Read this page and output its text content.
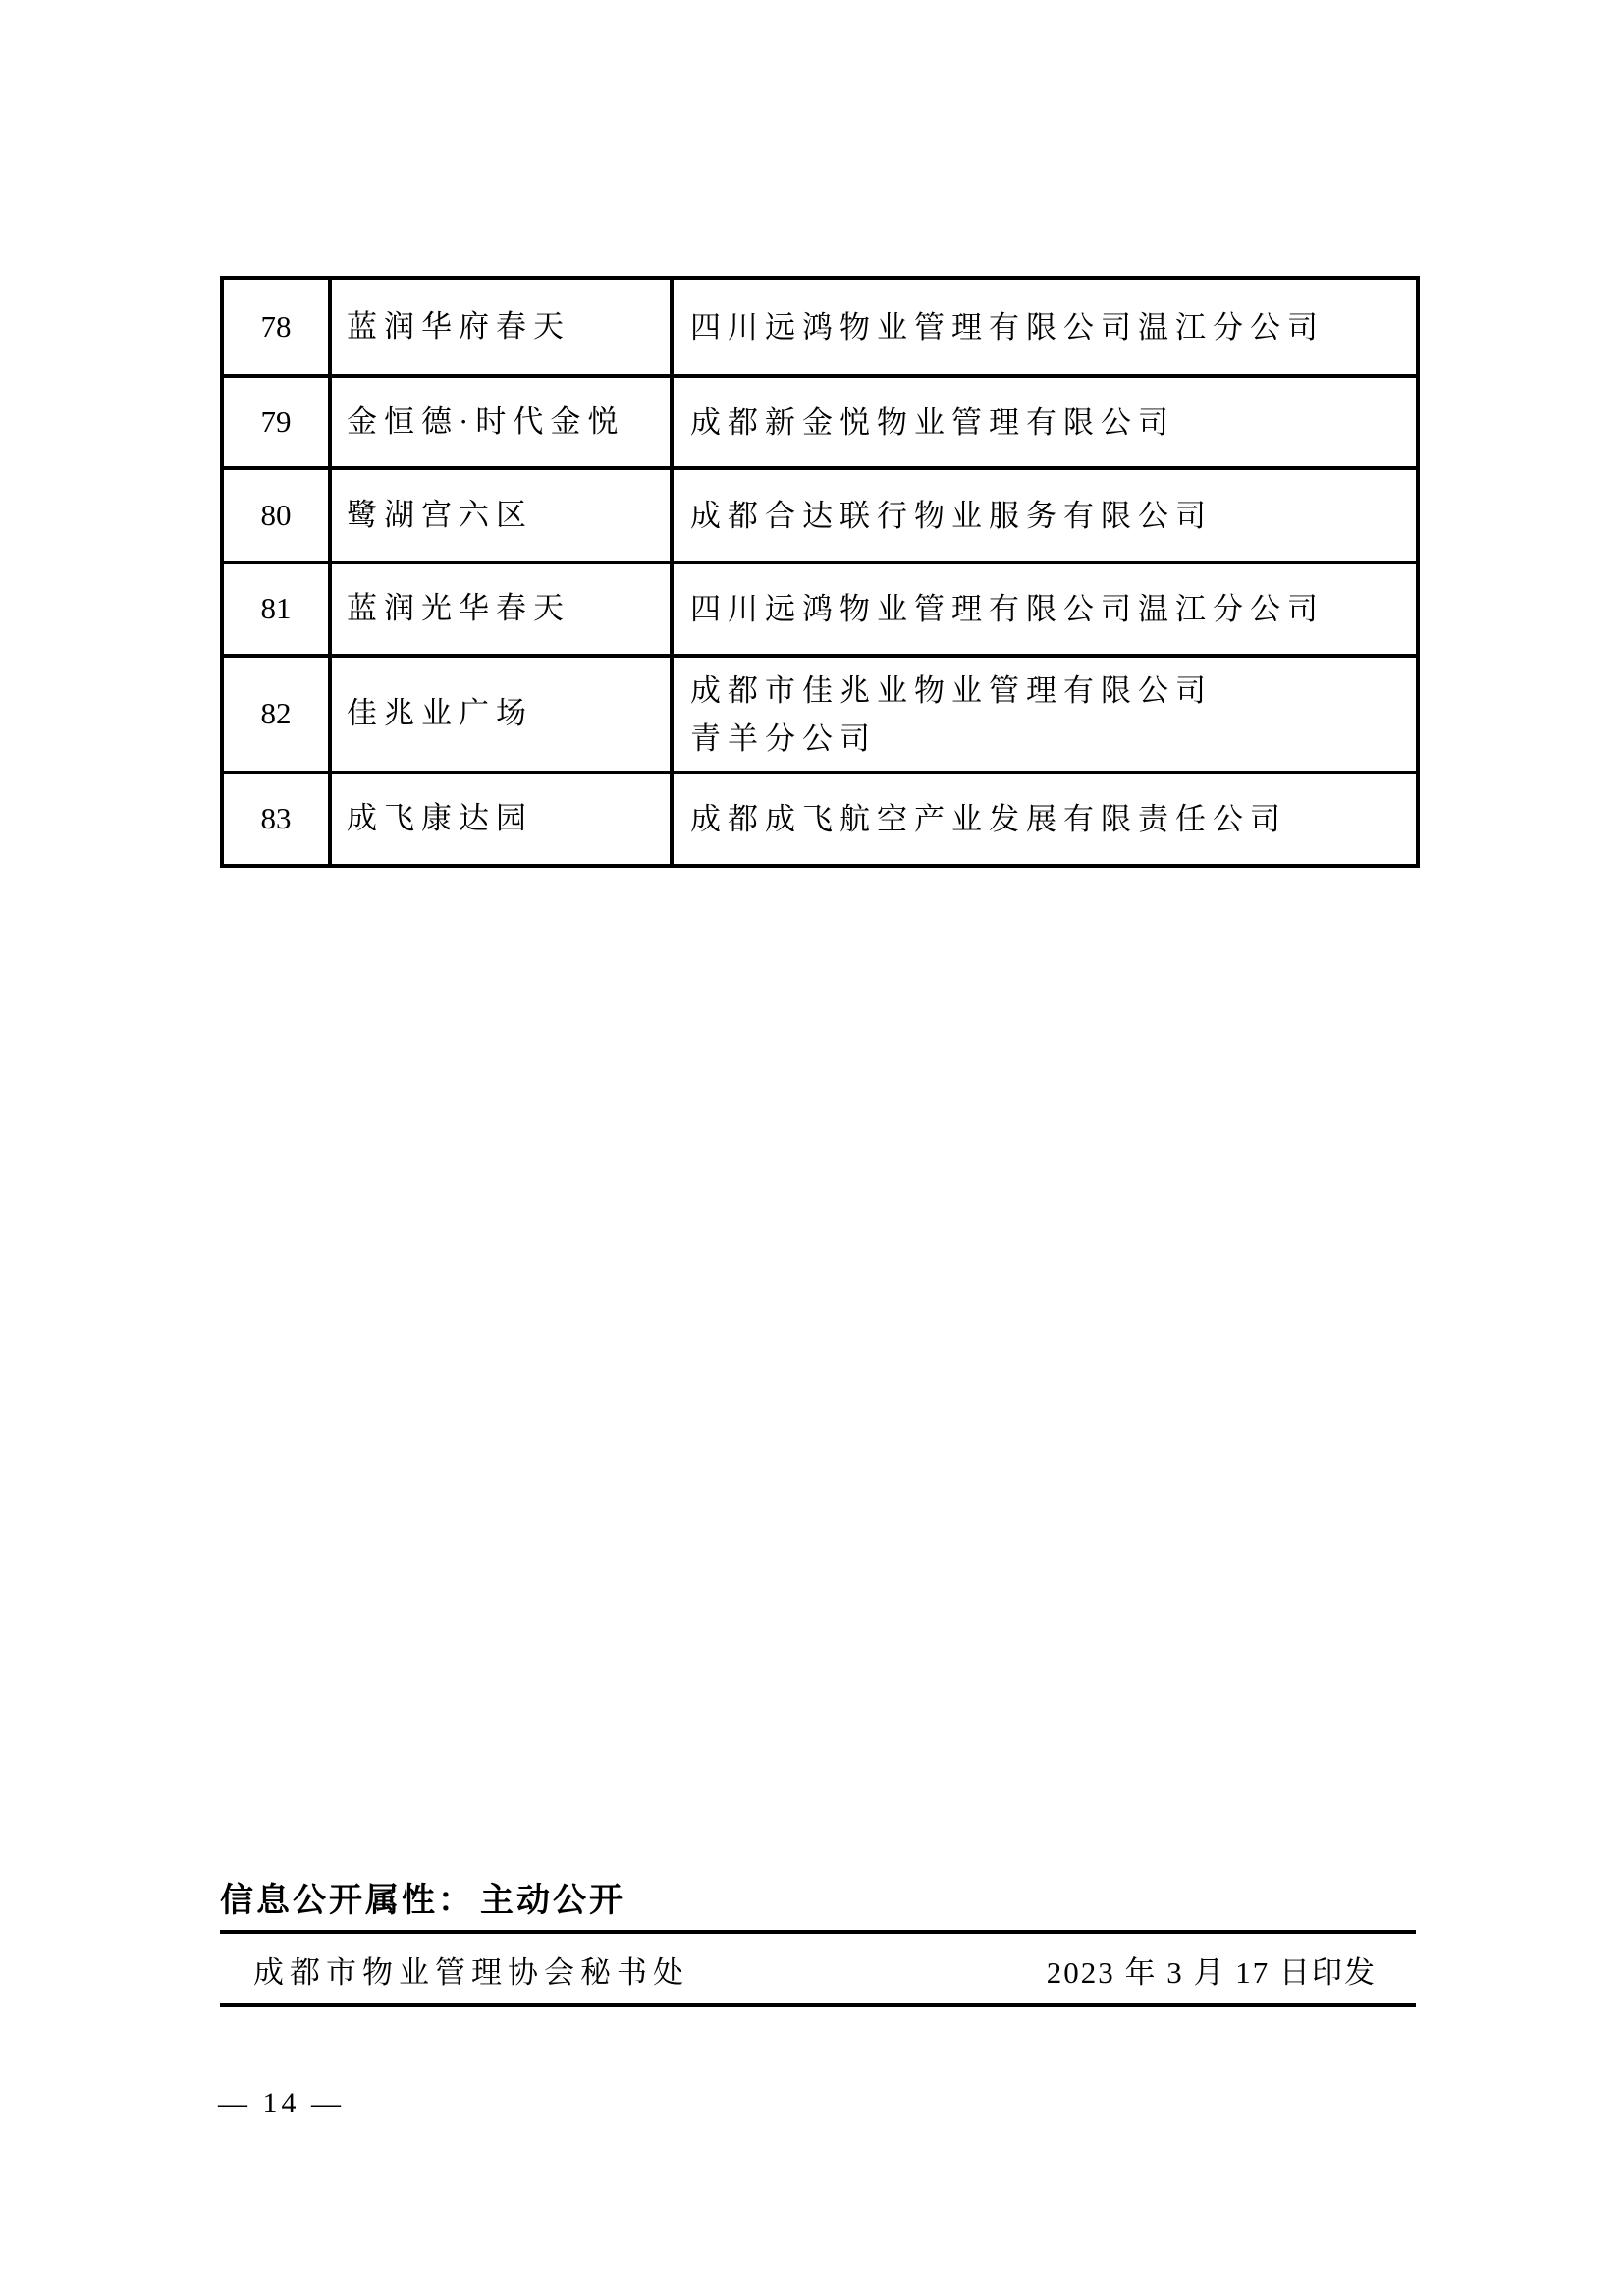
78	蓝润华府春天	四川远鸿物业管理有限公司温江分公司

79	金恒德·时代金悦	成都新金悦物业管理有限公司

80	鹭湖宫六区	成都合达联行物业服务有限公司

81	蓝润光华春天	四川远鸿物业管理有限公司温江分公司

82	佳兆业广场	成都市佳兆业物业管理有限公司
青羊分公司

83	成飞康达园	成都成飞航空产业发展有限责任公司
信息公开属性： 主动公开
成都市物业管理协会秘书处	2023 年 3 月 17 日印发
— 14 —
